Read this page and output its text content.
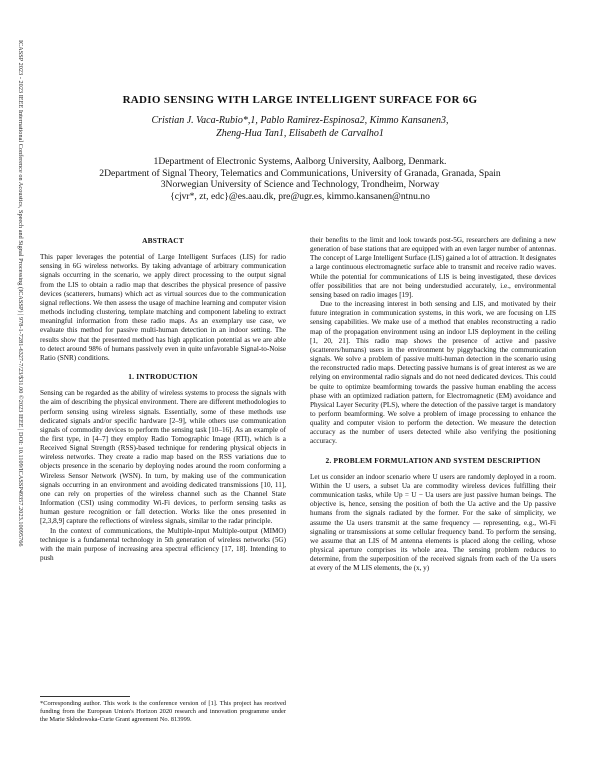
ICASSP 2023 - 2023 IEEE International Conference on Acoustics, Speech and Signal Processing (ICASSP) | 978-1-7281-6327-7/23/$31.00 ©2023 IEEE | DOI: 10.1109/ICASSP49357.2023.10095766	RADIO SENSING WITH LARGE INTELLIGENT SURFACE FOR 6G
Cristian J. Vaca-Rubio*,1, Pablo Ramirez-Espinosa2, Kimmo Kansanen3,
Zheng-Hua Tan1, Elisabeth de Carvalho1
1Department of Electronic Systems, Aalborg University, Aalborg, Denmark.
2Department of Signal Theory, Telematics and Communications, University of Granada, Granada, Spain
3Norwegian University of Science and Technology, Trondheim, Norway
{cjvr*, zt, edc}@es.aau.dk, pre@ugr.es, kimmo.kansanen@ntnu.no
ABSTRACT

This paper leverages the potential of Large Intelligent Surfaces (LIS) for radio sensing in 6G wireless networks. By taking advantage of arbitrary communication signals occurring in the scenario, we apply direct processing to the output signal from the LIS to obtain a radio map that describes the physical presence of passive devices (scatterers, humans) which act as virtual sources due to the communication signal reflections. We then assess the usage of machine learning and computer vision methods including clustering, template matching and component labeling to extract meaningful information from these radio maps. As an exemplary use case, we evaluate this method for passive multi-human detection in an indoor setting. The results show that the presented method has high application potential as we are able to detect around 98% of humans passively even in quite unfavorable Signal-to-Noise Ratio (SNR) conditions.

1. INTRODUCTION

Sensing can be regarded as the ability of wireless systems to process the signals with the aim of describing the physical environment. There are different methodologies to perform sensing using wireless signals. Essentially, some of these methods use dedicated signals and/or specific hardware [2–9], while others use communication signals of commodity devices to perform the sensing task [10–16]. As an example of the first type, in [4–7] they employ Radio Tomographic Image (RTI), which is a Received Signal Strength (RSS)-based technique for rendering physical objects in wireless networks. They create a radio map based on the RSS variations due to objects presence in the scenario by deploying nodes around the room conforming a Wireless Sensor Network (WSN). In turn, by making use of the communication signals occurring in an environment and avoiding dedicated transmissions [10, 11], one can rely on properties of the wireless channel such as the Channel State Information (CSI) using commodity Wi-Fi devices, to perform sensing tasks as human gesture recognition or fall detection. Works like the ones presented in [2,3,8,9] capture the reflections of wireless signals, similar to the radar principle.

In the context of communications, the Multiple-input Multiple-output (MIMO) technique is a fundamental technology in 5th generation of wireless networks (5G) with the main purpose of increasing area spectral efficiency [17, 18]. Intending to push

*Corresponding author. This work is the conference version of [1]. This project has received funding from the European Union's Horizon 2020 research and innovation programme under the Marie Skłodowska-Curie Grant agreement No. 813999.

their benefits to the limit and look towards post-5G, researchers are defining a new generation of base stations that are equipped with an even larger number of antennas. The concept of Large Intelligent Surface (LIS) gained a lot of attraction. It designates a large continuous electromagnetic surface able to transmit and receive radio waves. While the potential for communications of LIS is being investigated, these devices offer possibilities that are not being understudied accurately, i.e., environmental sensing based on radio images [19].

Due to the increasing interest in both sensing and LIS, and motivated by their future integration in communication systems, in this work, we are focusing on LIS sensing capabilities. We make use of a method that enables reconstructing a radio map of the propagation environment using an indoor LIS deployment in the ceiling [1, 20, 21]. This radio map shows the presence of active and passive (scatterers/humans) users in the environment by piggybacking the communication signals. We solve a problem of passive multi-human detection in the scenario using the reconstructed radio maps. Detecting passive humans is of great interest as we are relying on environmental radio signals and do not need dedicated devices. This could be quite to optimize beamforming towards the passive human enabling the access phase with an optimized radiation pattern, for Electromagnetic (EM) avoidance and Physical Layer Security (PLS), where the detection of the passive target is mandatory to perform beamforming. We solve a problem of image processing to enhance the quality and computer vision to perform the detection. We measure the detection accuracy as the number of users detected while also verifying the positioning accuracy.

2. PROBLEM FORMULATION AND SYSTEM DESCRIPTION

Let us consider an indoor scenario where U users are randomly deployed in a room. Within the U users, a subset Ua are commodity wireless devices fulfilling their communication tasks, while Up = U − Ua users are just passive human beings. The objective is, hence, sensing the position of both the Ua active and the Up passive humans from the signals radiated by the former. For the sake of simplicity, we assume the Ua users transmit at the same frequency — representing, e.g., Wi-Fi signaling or transmissions at some cellular frequency band. To perform the sensing, we assume that an LIS of M antenna elements is placed along the ceiling, whose physical aperture comprises its whole area. The sensing problem reduces to determine, from the superposition of the received signals from each of the Ua users at every of the M LIS elements, the (x, y)
